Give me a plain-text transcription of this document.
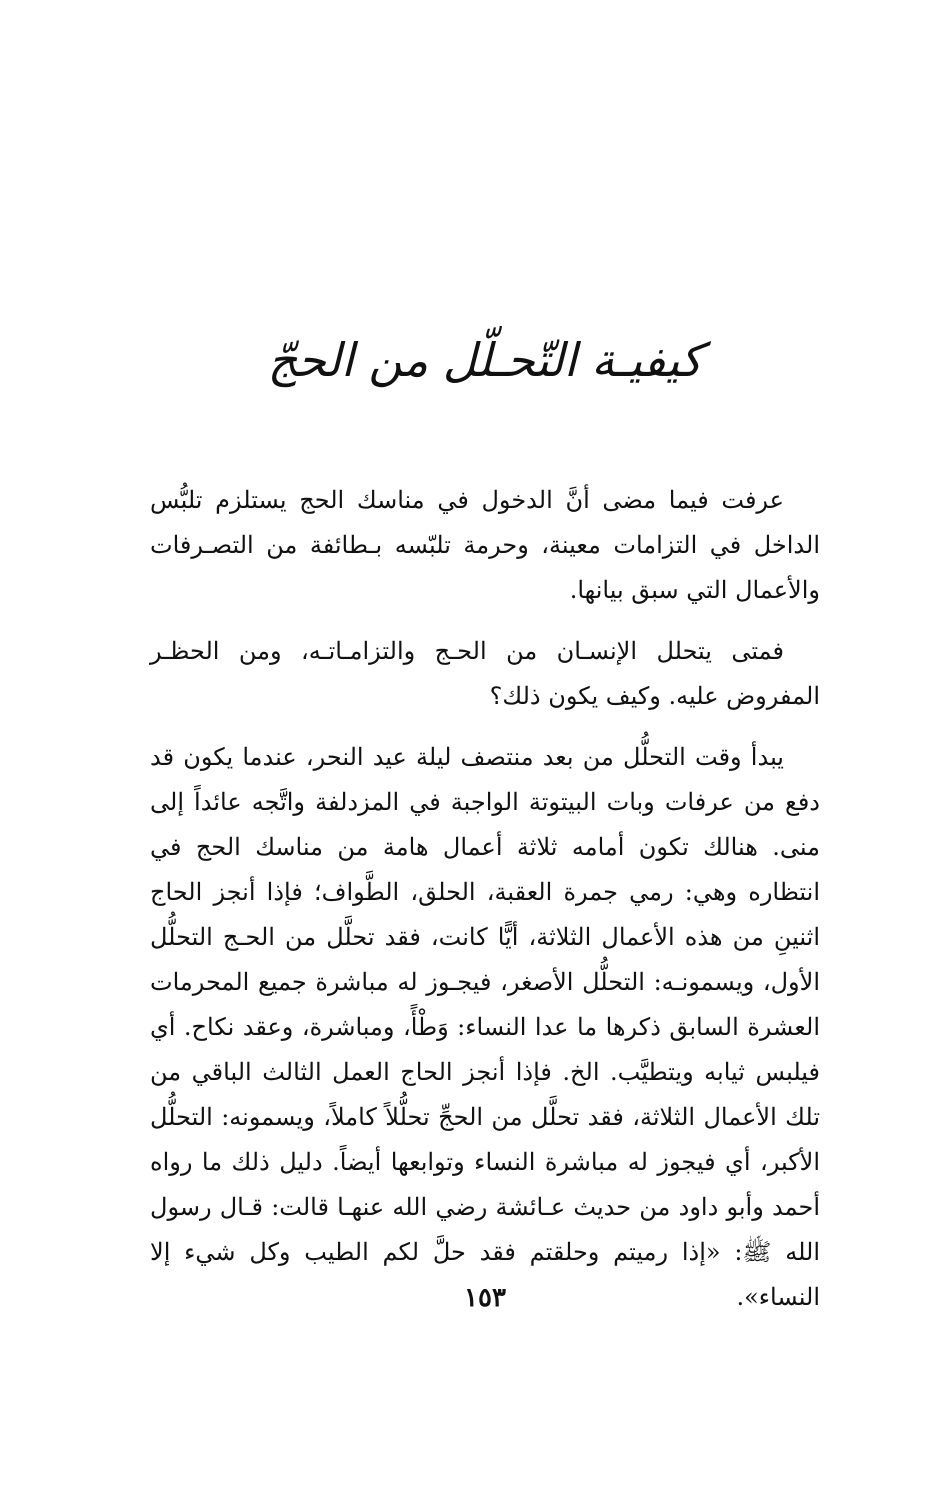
كيفيـة التّحـلّل من الحجّ

عرفت فيما مضى أنَّ الدخول في مناسك الحج يستلزم تلبُّس الداخل في التزامات معينة، وحرمة تلبّسه بـطائفة من التصـرفات والأعمال التي سبق بيانها.

فمتى يتحلل الإنسـان من الحـج والتزامـاتـه، ومن الحظـر المفروض عليه. وكيف يكون ذلك؟

يبدأ وقت التحلُّل من بعد منتصف ليلة عيد النحر، عندما يكون قد دفع من عرفات وبات البيتوتة الواجبة في المزدلفة واتَّجه عائداً إلى منى. هنالك تكون أمامه ثلاثة أعمال هامة من مناسك الحج في انتظاره وهي: رمي جمرة العقبة، الحلق، الطَّواف؛ فإذا أنجز الحاج اثنينِ من هذه الأعمال الثلاثة، أيًّا كانت، فقد تحلَّل من الحـج التحلُّل الأول، ويسمونـه: التحلُّل الأصغر، فيجـوز له مباشرة جميع المحرمات العشرة السابق ذكرها ما عدا النساء: وَطْأً، ومباشرة، وعقد نكاح. أي فيلبس ثيابه ويتطيَّب. الخ. فإذا أنجز الحاج العمل الثالث الباقي من تلك الأعمال الثلاثة، فقد تحلَّل من الحجِّ تحلُّلاً كاملاً، ويسمونه: التحلُّل الأكبر، أي فيجوز له مباشرة النساء وتوابعها أيضاً. دليل ذلك ما رواه أحمد وأبو داود من حديث عـائشة رضي الله عنهـا قالت: قـال رسول الله ﷺ: «إذا رميتم وحلقتم فقد حلَّ لكم الطيب وكل شيء إلا النساء».

١٥٣
